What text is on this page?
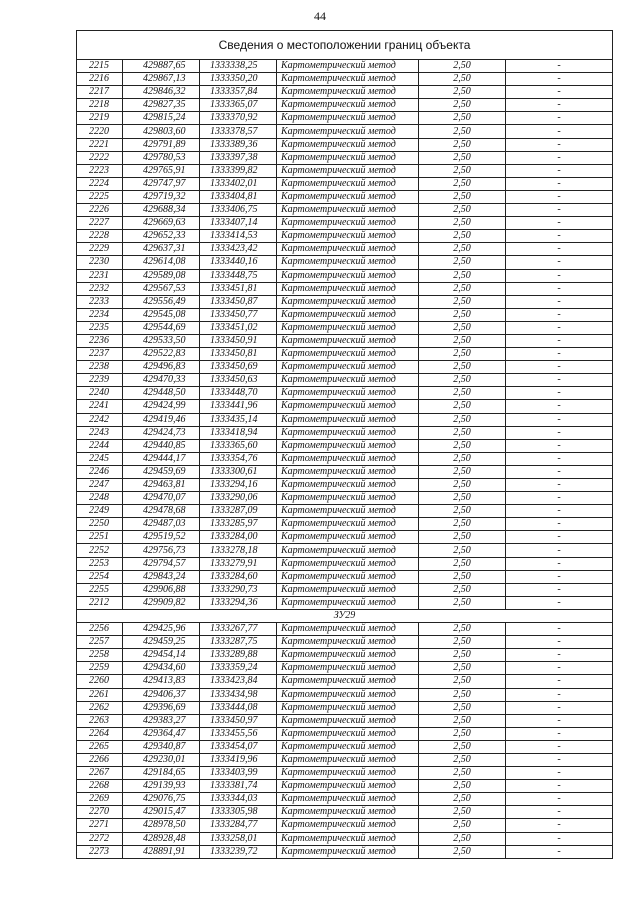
44
Сведения о местоположении границ объекта					
2215	429887,65	1333338,25	Картометрический метод	2,50	-
2216	429867,13	1333350,20	Картометрический метод	2,50	-
2217	429846,32	1333357,84	Картометрический метод	2,50	-
2218	429827,35	1333365,07	Картометрический метод	2,50	-
2219	429815,24	1333370,92	Картометрический метод	2,50	-
2220	429803,60	1333378,57	Картометрический метод	2,50	-
2221	429791,89	1333389,36	Картометрический метод	2,50	-
2222	429780,53	1333397,38	Картометрический метод	2,50	-
2223	429765,91	1333399,82	Картометрический метод	2,50	-
2224	429747,97	1333402,01	Картометрический метод	2,50	-
2225	429719,32	1333404,81	Картометрический метод	2,50	-
2226	429688,34	1333406,75	Картометрический метод	2,50	-
2227	429669,63	1333407,14	Картометрический метод	2,50	-
2228	429652,33	1333414,53	Картометрический метод	2,50	-
2229	429637,31	1333423,42	Картометрический метод	2,50	-
2230	429614,08	1333440,16	Картометрический метод	2,50	-
2231	429589,08	1333448,75	Картометрический метод	2,50	-
2232	429567,53	1333451,81	Картометрический метод	2,50	-
2233	429556,49	1333450,87	Картометрический метод	2,50	-
2234	429545,08	1333450,77	Картометрический метод	2,50	-
2235	429544,69	1333451,02	Картометрический метод	2,50	-
2236	429533,50	1333450,91	Картометрический метод	2,50	-
2237	429522,83	1333450,81	Картометрический метод	2,50	-
2238	429496,83	1333450,69	Картометрический метод	2,50	-
2239	429470,33	1333450,63	Картометрический метод	2,50	-
2240	429448,50	1333448,70	Картометрический метод	2,50	-
2241	429424,99	1333441,96	Картометрический метод	2,50	-
2242	429419,46	1333435,14	Картометрический метод	2,50	-
2243	429424,73	1333418,94	Картометрический метод	2,50	-
2244	429440,85	1333365,60	Картометрический метод	2,50	-
2245	429444,17	1333354,76	Картометрический метод	2,50	-
2246	429459,69	1333300,61	Картометрический метод	2,50	-
2247	429463,81	1333294,16	Картометрический метод	2,50	-
2248	429470,07	1333290,06	Картометрический метод	2,50	-
2249	429478,68	1333287,09	Картометрический метод	2,50	-
2250	429487,03	1333285,97	Картометрический метод	2,50	-
2251	429519,52	1333284,00	Картометрический метод	2,50	-
2252	429756,73	1333278,18	Картометрический метод	2,50	-
2253	429794,57	1333279,91	Картометрический метод	2,50	-
2254	429843,24	1333284,60	Картометрический метод	2,50	-
2255	429906,88	1333290,73	Картометрический метод	2,50	-
2212	429909,82	1333294,36	Картометрический метод	2,50	-
ЗУ29					
2256	429425,96	1333267,77	Картометрический метод	2,50	-
2257	429459,25	1333287,75	Картометрический метод	2,50	-
2258	429454,14	1333289,88	Картометрический метод	2,50	-
2259	429434,60	1333359,24	Картометрический метод	2,50	-
2260	429413,83	1333423,84	Картометрический метод	2,50	-
2261	429406,37	1333434,98	Картометрический метод	2,50	-
2262	429396,69	1333444,08	Картометрический метод	2,50	-
2263	429383,27	1333450,97	Картометрический метод	2,50	-
2264	429364,47	1333455,56	Картометрический метод	2,50	-
2265	429340,87	1333454,07	Картометрический метод	2,50	-
2266	429230,01	1333419,96	Картометрический метод	2,50	-
2267	429184,65	1333403,99	Картометрический метод	2,50	-
2268	429139,93	1333381,74	Картометрический метод	2,50	-
2269	429076,75	1333344,03	Картометрический метод	2,50	-
2270	429015,47	1333305,98	Картометрический метод	2,50	-
2271	428978,50	1333284,77	Картометрический метод	2,50	-
2272	428928,48	1333258,01	Картометрический метод	2,50	-
2273	428891,91	1333239,72	Картометрический метод	2,50	-
